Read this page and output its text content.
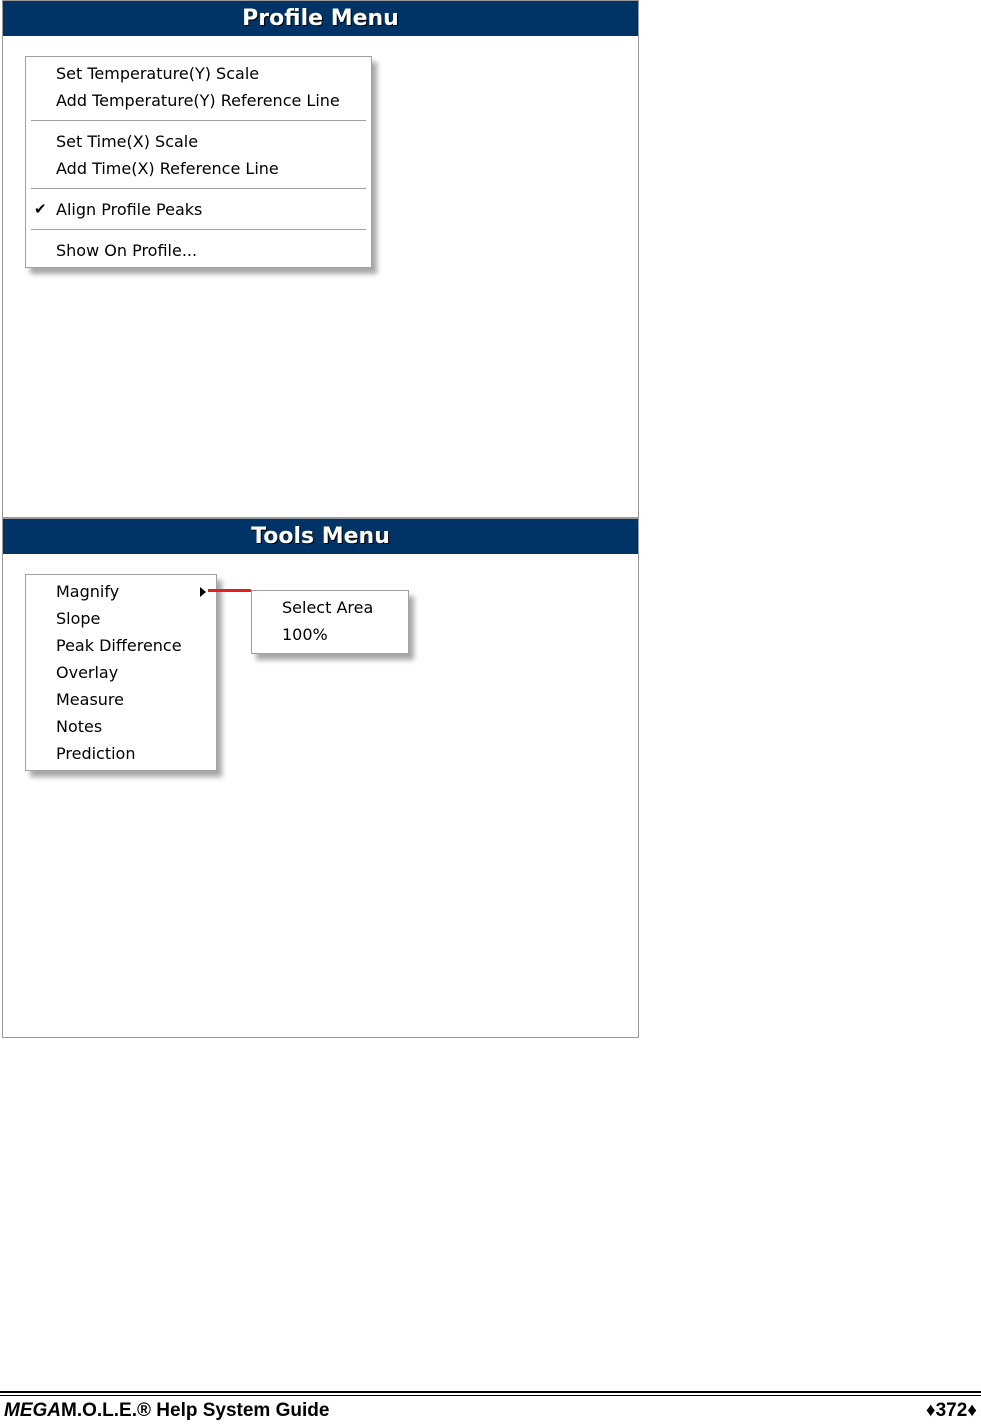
Profile Menu
Set Temperature(Y) Scale
Add Temperature(Y) Reference Line
Set Time(X) Scale
Add Time(X) Reference Line
✔ Align Profile Peaks
Show On Profile...
Tools Menu
Magnify
Slope
Peak Difference
Overlay
Measure
Notes
Prediction
Select Area
100%
MEGAM.O.L.E.® Help System Guide	♦372♦
